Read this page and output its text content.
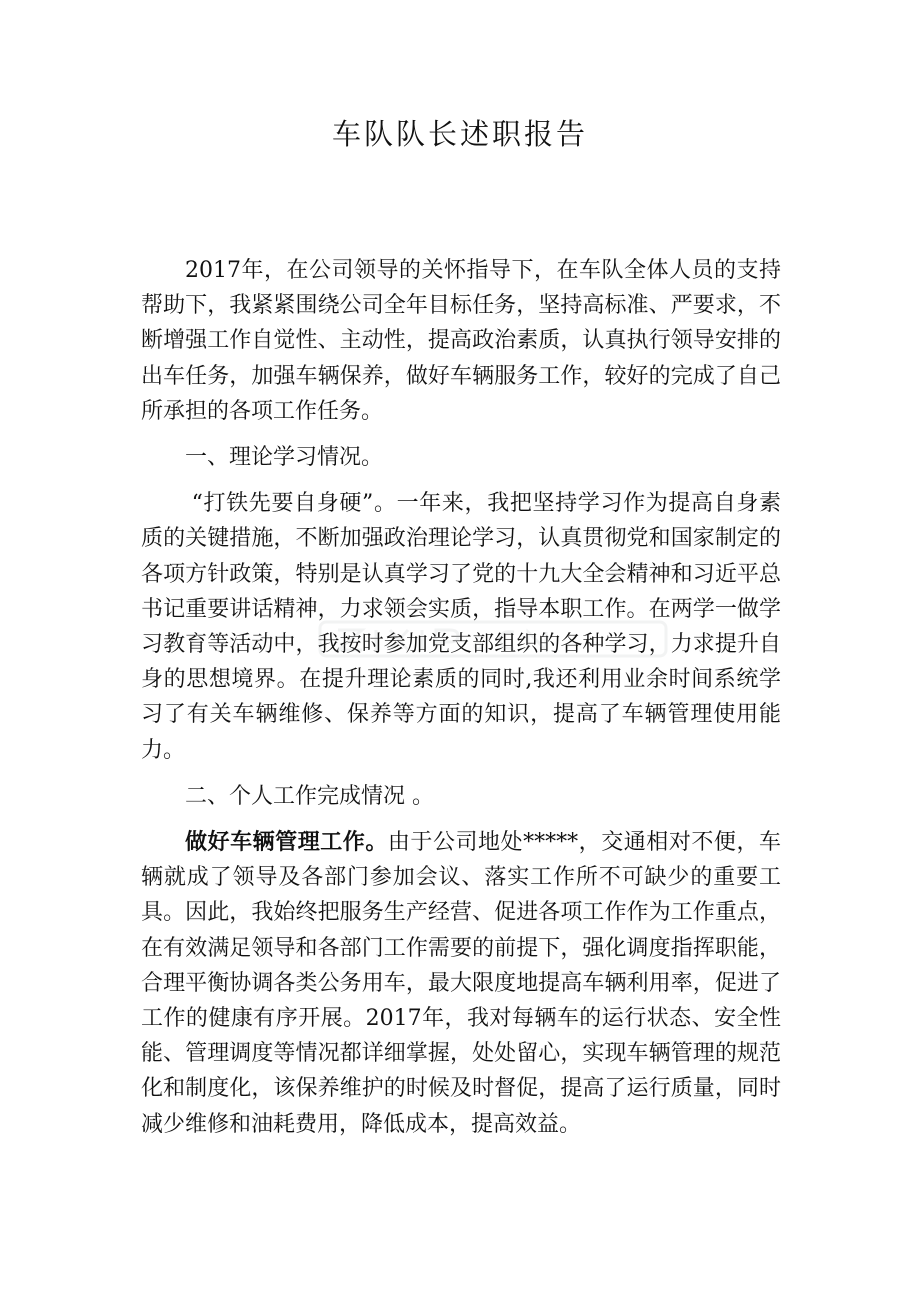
车队队长述职报告

2017年，在公司领导的关怀指导下，在车队全体人员的支持帮助下，我紧紧围绕公司全年目标任务，坚持高标准、严要求，不断增强工作自觉性、主动性，提高政治素质，认真执行领导安排的出车任务，加强车辆保养，做好车辆服务工作，较好的完成了自己所承担的各项工作任务。

一、理论学习情况。

“打铁先要自身硬”。一年来，我把坚持学习作为提高自身素质的关键措施，不断加强政治理论学习，认真贯彻党和国家制定的各项方针政策，特别是认真学习了党的十九大全会精神和习近平总书记重要讲话精神，力求领会实质，指导本职工作。在两学一做学习教育等活动中，我按时参加党支部组织的各种学习，力求提升自身的思想境界。在提升理论素质的同时,我还利用业余时间系统学习了有关车辆维修、保养等方面的知识，提高了车辆管理使用能力。

二、个人工作完成情况 。

做好车辆管理工作。由于公司地处*****，交通相对不便，车辆就成了领导及各部门参加会议、落实工作所不可缺少的重要工具。因此，我始终把服务生产经营、促进各项工作作为工作重点，在有效满足领导和各部门工作需要的前提下，强化调度指挥职能，合理平衡协调各类公务用车，最大限度地提高车辆利用率，促进了工作的健康有序开展。2017年，我对每辆车的运行状态、安全性能、管理调度等情况都详细掌握，处处留心，实现车辆管理的规范化和制度化，该保养维护的时候及时督促，提高了运行质量，同时减少维修和油耗费用，降低成本，提高效益。
